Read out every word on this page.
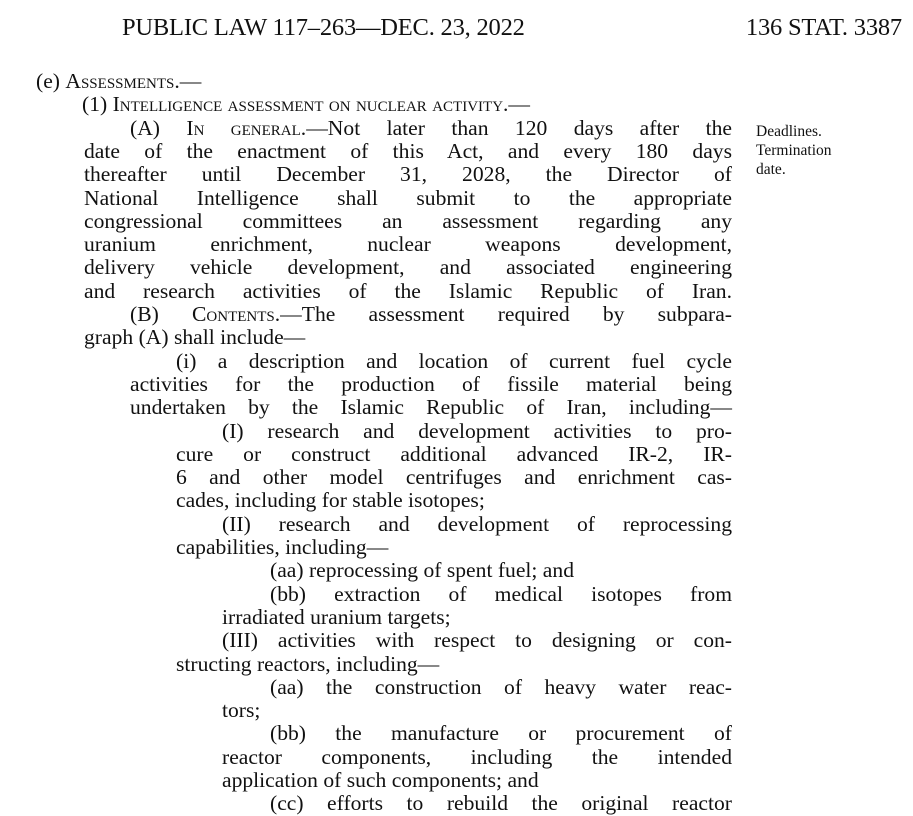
PUBLIC LAW 117–263—DEC. 23, 2022	136 STAT. 3387
Deadlines.
Termination
date.
(e) Assessments.—
(1) Intelligence assessment on nuclear activity.—
(A) In general.—Not later than 120 days after the
date of the enactment of this Act, and every 180 days
thereafter until December 31, 2028, the Director of
National Intelligence shall submit to the appropriate
congressional committees an assessment regarding any
uranium enrichment, nuclear weapons development,
delivery vehicle development, and associated engineering
and research activities of the Islamic Republic of Iran.
(B) Contents.—The assessment required by subpara-
graph (A) shall include—
(i) a description and location of current fuel cycle
activities for the production of fissile material being
undertaken by the Islamic Republic of Iran, including—
(I) research and development activities to pro-
cure or construct additional advanced IR-2, IR-
6 and other model centrifuges and enrichment cas-
cades, including for stable isotopes;
(II) research and development of reprocessing
capabilities, including—
(aa) reprocessing of spent fuel; and
(bb) extraction of medical isotopes from
irradiated uranium targets;
(III) activities with respect to designing or con-
structing reactors, including—
(aa) the construction of heavy water reac-
tors;
(bb) the manufacture or procurement of
reactor components, including the intended
application of such components; and
(cc) efforts to rebuild the original reactor
